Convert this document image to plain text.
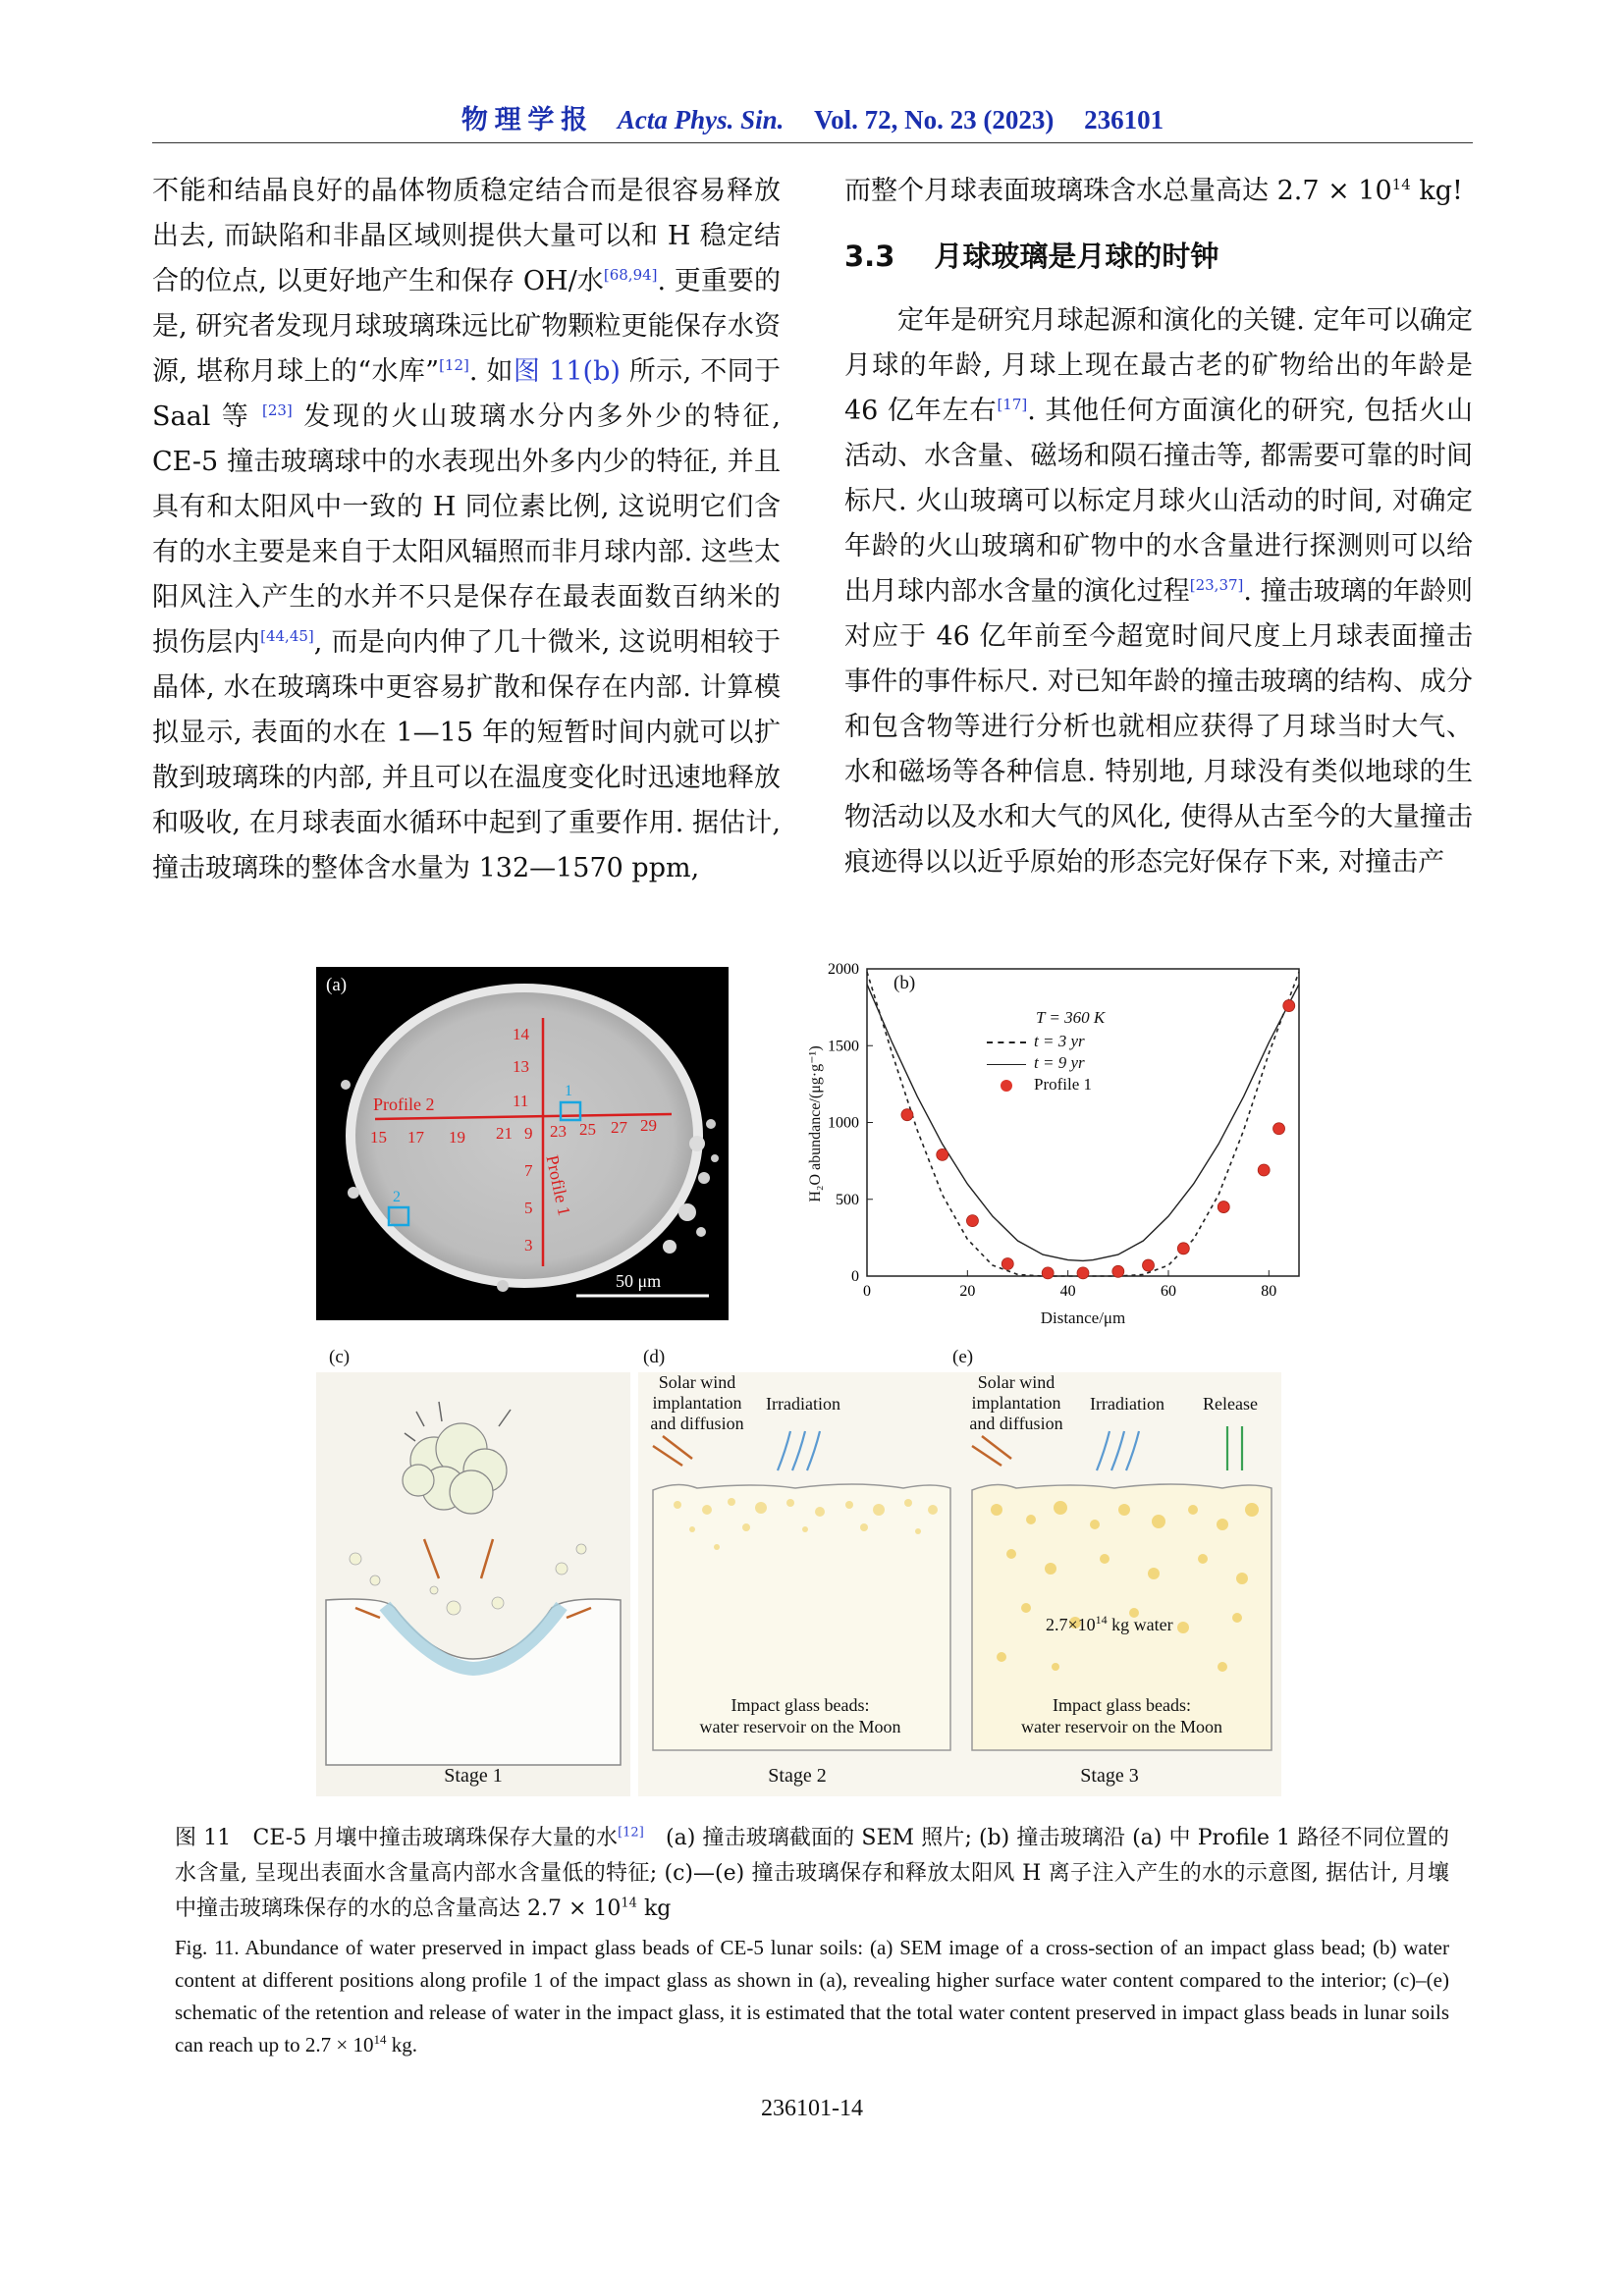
物 理 学 报 Acta Phys. Sin. Vol. 72, No. 23 (2023) 236101

不能和结晶良好的晶体物质稳定结合而是很容易释放出去, 而缺陷和非晶区域则提供大量可以和 H 稳定结合的位点, 以更好地产生和保存 OH/水[68,94]. 更重要的是, 研究者发现月球玻璃珠远比矿物颗粒更能保存水资源, 堪称月球上的“水库”[12]. 如图 11(b) 所示, 不同于 Saal 等 [23] 发现的火山玻璃水分内多外少的特征, CE-5 撞击玻璃球中的水表现出外多内少的特征, 并且具有和太阳风中一致的 H 同位素比例, 这说明它们含有的水主要是来自于太阳风辐照而非月球内部. 这些太阳风注入产生的水并不只是保存在最表面数百纳米的损伤层内[44,45], 而是向内伸了几十微米, 这说明相较于晶体, 水在玻璃珠中更容易扩散和保存在内部. 计算模拟显示, 表面的水在 1—15 年的短暂时间内就可以扩散到玻璃珠的内部, 并且可以在温度变化时迅速地释放和吸收, 在月球表面水循环中起到了重要作用. 据估计, 撞击玻璃珠的整体含水量为 132—1570 ppm,

而整个月球表面玻璃珠含水总量高达 $2.7 \times 10^{14}$ kg!

3.3 月球玻璃是月球的时钟

定年是研究月球起源和演化的关键. 定年可以确定月球的年龄, 月球上现在最古老的矿物给出的年龄是 46 亿年左右[17]. 其他任何方面演化的研究, 包括火山活动、水含量、磁场和陨石撞击等, 都需要可靠的时间标尺. 火山玻璃可以标定月球火山活动的时间, 对确定年龄的火山玻璃和矿物中的水含量进行探测则可以给出月球内部水含量的演化过程[23,37]. 撞击玻璃的年龄则对应于 46 亿年前至今超宽时间尺度上月球表面撞击事件的事件标尺. 对已知年龄的撞击玻璃的结构、成分和包含物等进行分析也就相应获得了月球当时大气、水和磁场等各种信息. 特别地, 月球没有类似地球的生物活动以及水和大气的风化, 使得从古至今的大量撞击痕迹得以以近乎原始的形态完好保存下来, 对撞击产

(a)
Profile 2
Profile 1
1
2
50 μm
14
13
11
7
5
3
15 17 19 21 9 23 25 27 29
0	20	40	60	80
0
500
1000
1500
2000
(b)
T = 360 K
t = 3 yr
t = 9 yr
Profile 1
Distance/μm
H₂O abundance/(μg·g⁻¹)
(c)	(d)	(e)
Stage 1
Solar wind
implantation
and diffusion
Irradiation
Impact glass beads:
water reservoir on the Moon
Stage 2
Solar wind
implantation
and diffusion
Irradiation Release
$2.7\times 10^{14}$ kg water
Impact glass beads:
water reservoir on the Moon
Stage 3
图 11　CE-5 月壤中撞击玻璃珠保存大量的水[12]　(a) 撞击玻璃截面的 SEM 照片; (b) 撞击玻璃沿 (a) 中 Profile 1 路径不同位置的水含量, 呈现出表面水含量高内部水含量低的特征; (c)—(e) 撞击玻璃保存和释放太阳风 H 离子注入产生的水的示意图, 据估计, 月壤中撞击玻璃珠保存的水的总含量高达 $2.7 \times 10^{14}$ kg
Fig. 11. Abundance of water preserved in impact glass beads of CE-5 lunar soils: (a) SEM image of a cross-section of an impact glass bead; (b) water content at different positions along profile 1 of the impact glass as shown in (a), revealing higher surface water content compared to the interior; (c)–(e) schematic of the retention and release of water in the impact glass, it is estimated that the total water content preserved in impact glass beads in lunar soils can reach up to $2.7 \times 10^{14}$ kg.
236101-14
